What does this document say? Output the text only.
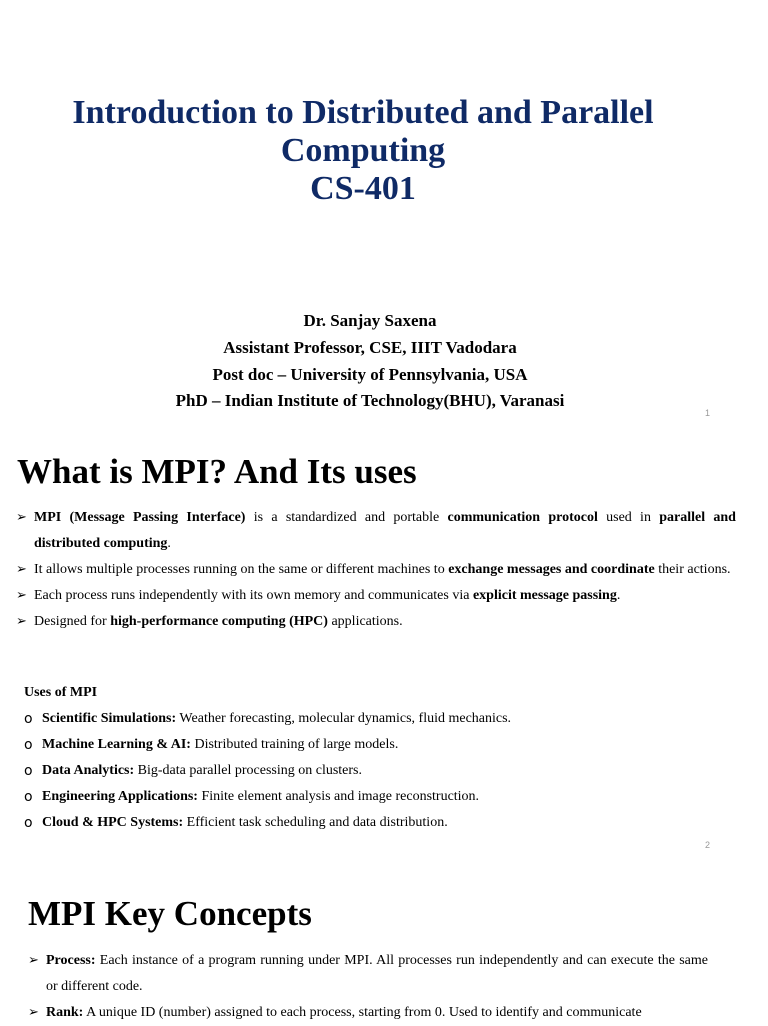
Introduction to Distributed and Parallel
Computing
CS-401
Dr. Sanjay Saxena
Assistant Professor, CSE, IIIT Vadodara
Post doc – University of Pennsylvania, USA
PhD – Indian Institute of Technology(BHU), Varanasi
1
What is MPI? And Its uses
➢ MPI (Message Passing Interface) is a standardized and portable communication protocol used in parallel and distributed computing.
➢ It allows multiple processes running on the same or different machines to exchange messages and coordinate their actions.
➢ Each process runs independently with its own memory and communicates via explicit message passing.
➢ Designed for high-performance computing (HPC) applications.
Uses of MPI
o Scientific Simulations: Weather forecasting, molecular dynamics, fluid mechanics.
o Machine Learning & AI: Distributed training of large models.
o Data Analytics: Big-data parallel processing on clusters.
o Engineering Applications: Finite element analysis and image reconstruction.
o Cloud & HPC Systems: Efficient task scheduling and data distribution.
2
MPI Key Concepts
➢ Process: Each instance of a program running under MPI. All processes run independently and can execute the same or different code.
➢ Rank: A unique ID (number) assigned to each process, starting from 0. Used to identify and communicate
